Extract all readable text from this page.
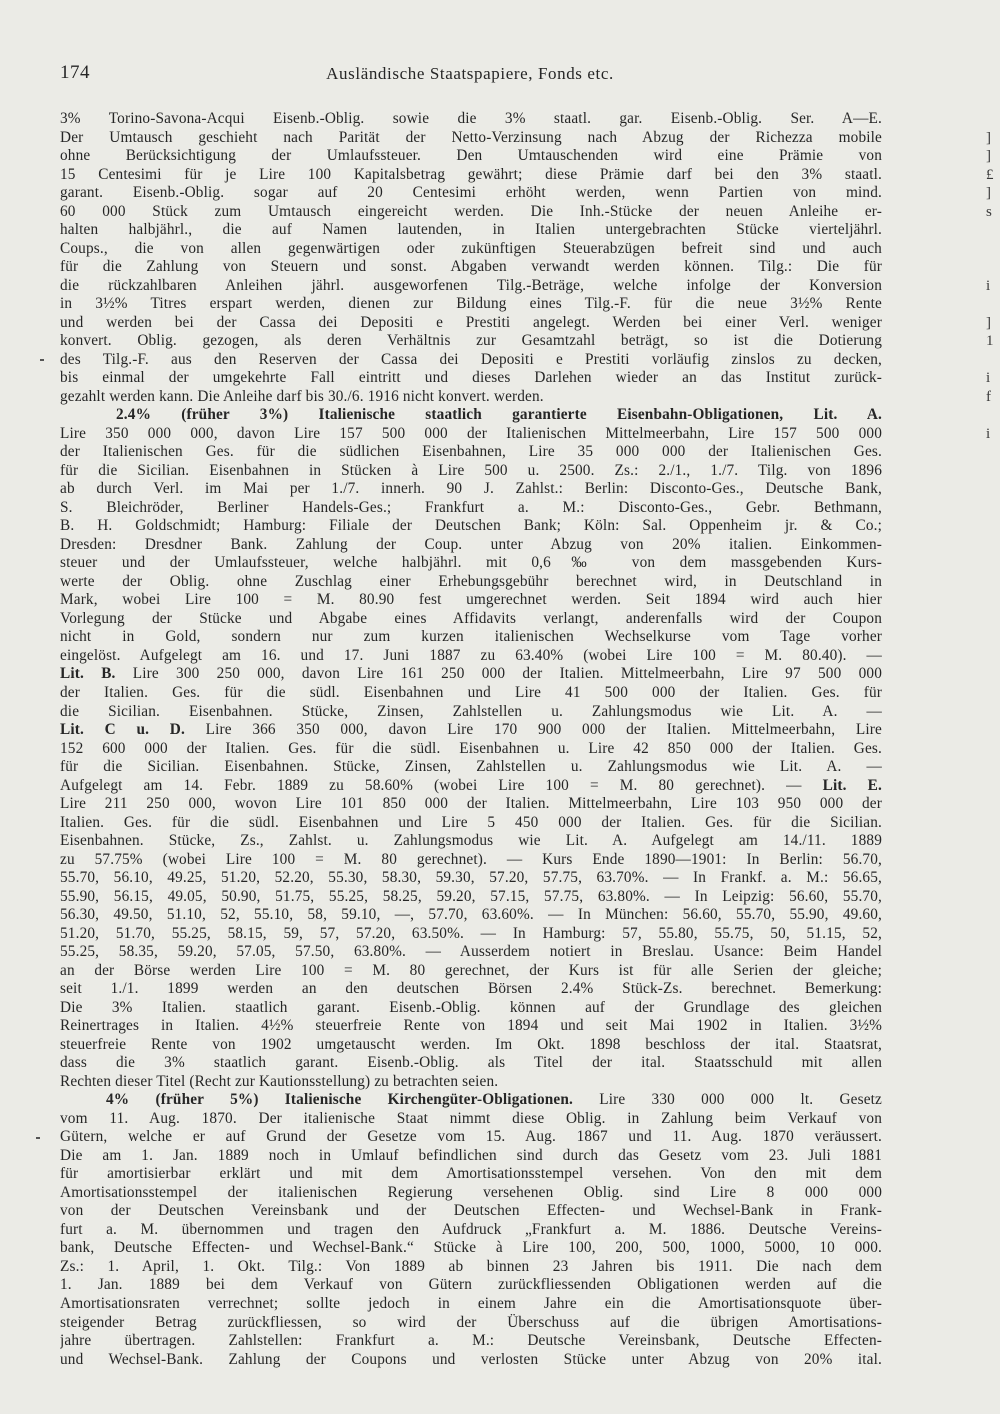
174	Ausländische Staatspapiere, Fonds etc.
3% Torino-Savona-Acqui Eisenb.-Oblig. sowie die 3% staatl. gar. Eisenb.-Oblig. Ser. A—E.
Der Umtausch geschieht nach Parität der Netto-Verzinsung nach Abzug der Richezza mobile
ohne Berücksichtigung der Umlaufssteuer. Den Umtauschenden wird eine Prämie von
15 Centesimi für je Lire 100 Kapitalsbetrag gewährt; diese Prämie darf bei den 3% staatl.
garant. Eisenb.-Oblig. sogar auf 20 Centesimi erhöht werden, wenn Partien von mind.
60 000 Stück zum Umtausch eingereicht werden. Die Inh.-Stücke der neuen Anleihe er-
halten halbjährl., die auf Namen lautenden, in Italien untergebrachten Stücke vierteljährl.
Coups., die von allen gegenwärtigen oder zukünftigen Steuerabzügen befreit sind und auch
für die Zahlung von Steuern und sonst. Abgaben verwandt werden können. Tilg.: Die für
die rückzahlbaren Anleihen jährl. ausgeworfenen Tilg.-Beträge, welche infolge der Konversion
in 3½% Titres erspart werden, dienen zur Bildung eines Tilg.-F. für die neue 3½% Rente
und werden bei der Cassa dei Depositi e Prestiti angelegt. Werden bei einer Verl. weniger
konvert. Oblig. gezogen, als deren Verhältnis zur Gesamtzahl beträgt, so ist die Dotierung
des Tilg.-F. aus den Reserven der Cassa dei Depositi e Prestiti vorläufig zinslos zu decken,
bis einmal der umgekehrte Fall eintritt und dieses Darlehen wieder an das Institut zurück-
gezahlt werden kann. Die Anleihe darf bis 30./6. 1916 nicht konvert. werden.
2.4% (früher 3%) Italienische staatlich garantierte Eisenbahn-Obligationen, Lit. A.
Lire 350 000 000, davon Lire 157 500 000 der Italienischen Mittelmeerbahn, Lire 157 500 000
der Italienischen Ges. für die südlichen Eisenbahnen, Lire 35 000 000 der Italienischen Ges.
für die Sicilian. Eisenbahnen in Stücken à Lire 500 u. 2500. Zs.: 2./1., 1./7. Tilg. von 1896
ab durch Verl. im Mai per 1./7. innerh. 90 J. Zahlst.: Berlin: Disconto-Ges., Deutsche Bank,
S. Bleichröder, Berliner Handels-Ges.; Frankfurt a. M.: Disconto-Ges., Gebr. Bethmann,
B. H. Goldschmidt; Hamburg: Filiale der Deutschen Bank; Köln: Sal. Oppenheim jr. & Co.;
Dresden: Dresdner Bank. Zahlung der Coup. unter Abzug von 20% italien. Einkommen-
steuer und der Umlaufssteuer, welche halbjährl. mit 0,6‰ von dem massgebenden Kurs-
werte der Oblig. ohne Zuschlag einer Erhebungsgebühr berechnet wird, in Deutschland in
Mark, wobei Lire 100 = M. 80.90 fest umgerechnet werden. Seit 1894 wird auch hier
Vorlegung der Stücke und Abgabe eines Affidavits verlangt, anderenfalls wird der Coupon
nicht in Gold, sondern nur zum kurzen italienischen Wechselkurse vom Tage vorher
eingelöst. Aufgelegt am 16. und 17. Juni 1887 zu 63.40% (wobei Lire 100 = M. 80.40). —
Lit. B. Lire 300 250 000, davon Lire 161 250 000 der Italien. Mittelmeerbahn, Lire 97 500 000
der Italien. Ges. für die südl. Eisenbahnen und Lire 41 500 000 der Italien. Ges. für
die Sicilian. Eisenbahnen. Stücke, Zinsen, Zahlstellen u. Zahlungsmodus wie Lit. A. —
Lit. C u. D. Lire 366 350 000, davon Lire 170 900 000 der Italien. Mittelmeerbahn, Lire
152 600 000 der Italien. Ges. für die südl. Eisenbahnen u. Lire 42 850 000 der Italien. Ges.
für die Sicilian. Eisenbahnen. Stücke, Zinsen, Zahlstellen u. Zahlungsmodus wie Lit. A. —
Aufgelegt am 14. Febr. 1889 zu 58.60% (wobei Lire 100 = M. 80 gerechnet). — Lit. E.
Lire 211 250 000, wovon Lire 101 850 000 der Italien. Mittelmeerbahn, Lire 103 950 000 der
Italien. Ges. für die südl. Eisenbahnen und Lire 5 450 000 der Italien. Ges. für die Sicilian.
Eisenbahnen. Stücke, Zs., Zahlst. u. Zahlungsmodus wie Lit. A. Aufgelegt am 14./11. 1889
zu 57.75% (wobei Lire 100 = M. 80 gerechnet). — Kurs Ende 1890—1901: In Berlin: 56.70,
55.70, 56.10, 49.25, 51.20, 52.20, 55.30, 58.30, 59.30, 57.20, 57.75, 63.70%. — In Frankf. a. M.: 56.65,
55.90, 56.15, 49.05, 50.90, 51.75, 55.25, 58.25, 59.20, 57.15, 57.75, 63.80%. — In Leipzig: 56.60, 55.70,
56.30, 49.50, 51.10, 52, 55.10, 58, 59.10, —, 57.70, 63.60%. — In München: 56.60, 55.70, 55.90, 49.60,
51.20, 51.70, 55.25, 58.15, 59, 57, 57.20, 63.50%. — In Hamburg: 57, 55.80, 55.75, 50, 51.15, 52,
55.25, 58.35, 59.20, 57.05, 57.50, 63.80%. — Ausserdem notiert in Breslau. Usance: Beim Handel
an der Börse werden Lire 100 = M. 80 gerechnet, der Kurs ist für alle Serien der gleiche;
seit 1./1. 1899 werden an den deutschen Börsen 2.4% Stück-Zs. berechnet. Bemerkung:
Die 3% Italien. staatlich garant. Eisenb.-Oblig. können auf der Grundlage des gleichen
Reinertrages in Italien. 4½% steuerfreie Rente von 1894 und seit Mai 1902 in Italien. 3½%
steuerfreie Rente von 1902 umgetauscht werden. Im Okt. 1898 beschloss der ital. Staatsrat,
dass die 3% staatlich garant. Eisenb.-Oblig. als Titel der ital. Staatsschuld mit allen
Rechten dieser Titel (Recht zur Kautionsstellung) zu betrachten seien.
4% (früher 5%) Italienische Kirchengüter-Obligationen. Lire 330 000 000 lt. Gesetz
vom 11. Aug. 1870. Der italienische Staat nimmt diese Oblig. in Zahlung beim Verkauf von
Gütern, welche er auf Grund der Gesetze vom 15. Aug. 1867 und 11. Aug. 1870 veräussert.
Die am 1. Jan. 1889 noch in Umlauf befindlichen sind durch das Gesetz vom 23. Juli 1881
für amortisierbar erklärt und mit dem Amortisationsstempel versehen. Von den mit dem
Amortisationsstempel der italienischen Regierung versehenen Oblig. sind Lire 8 000 000
von der Deutschen Vereinsbank und der Deutschen Effecten- und Wechsel-Bank in Frank-
furt a. M. übernommen und tragen den Aufdruck „Frankfurt a. M. 1886. Deutsche Vereins-
bank, Deutsche Effecten- und Wechsel-Bank.“ Stücke à Lire 100, 200, 500, 1000, 5000, 10 000.
Zs.: 1. April, 1. Okt. Tilg.: Von 1889 ab binnen 23 Jahren bis 1911. Die nach dem
1. Jan. 1889 bei dem Verkauf von Gütern zurückfliessenden Obligationen werden auf die
Amortisationsraten verrechnet; sollte jedoch in einem Jahre ein die Amortisationsquote über-
steigender Betrag zurückfliessen, so wird der Überschuss auf die übrigen Amortisations-
jahre übertragen. Zahlstellen: Frankfurt a. M.: Deutsche Vereinsbank, Deutsche Effecten-
und Wechsel-Bank. Zahlung der Coupons und verlosten Stücke unter Abzug von 20% ital.
]
]
£
]
s
i
]
1
i
f
i
